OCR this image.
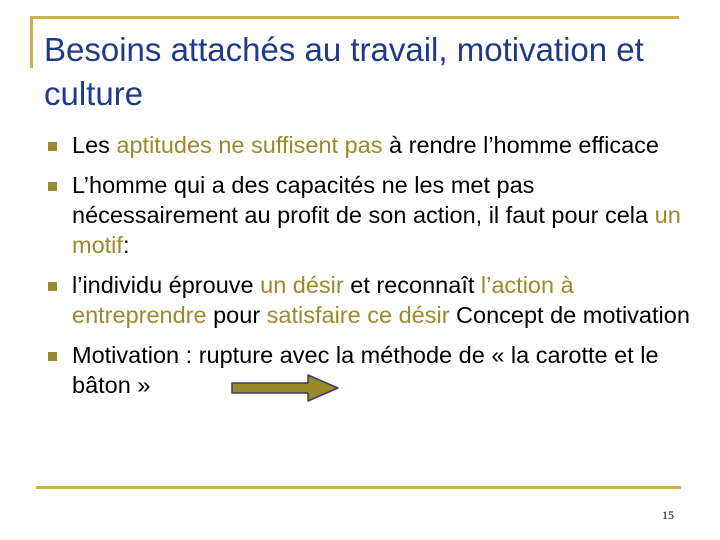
Besoins attachés au travail, motivation et culture
Les aptitudes ne suffisent pas à rendre l’homme efficace
L’homme qui a des capacités ne les met pas nécessairement au profit de son action, il faut pour cela un motif:
l’individu éprouve un désir et reconnaît l’action à entreprendre pour satisfaire ce désir Concept de motivation
Motivation : rupture avec la méthode de « la carotte et le bâton »
15
